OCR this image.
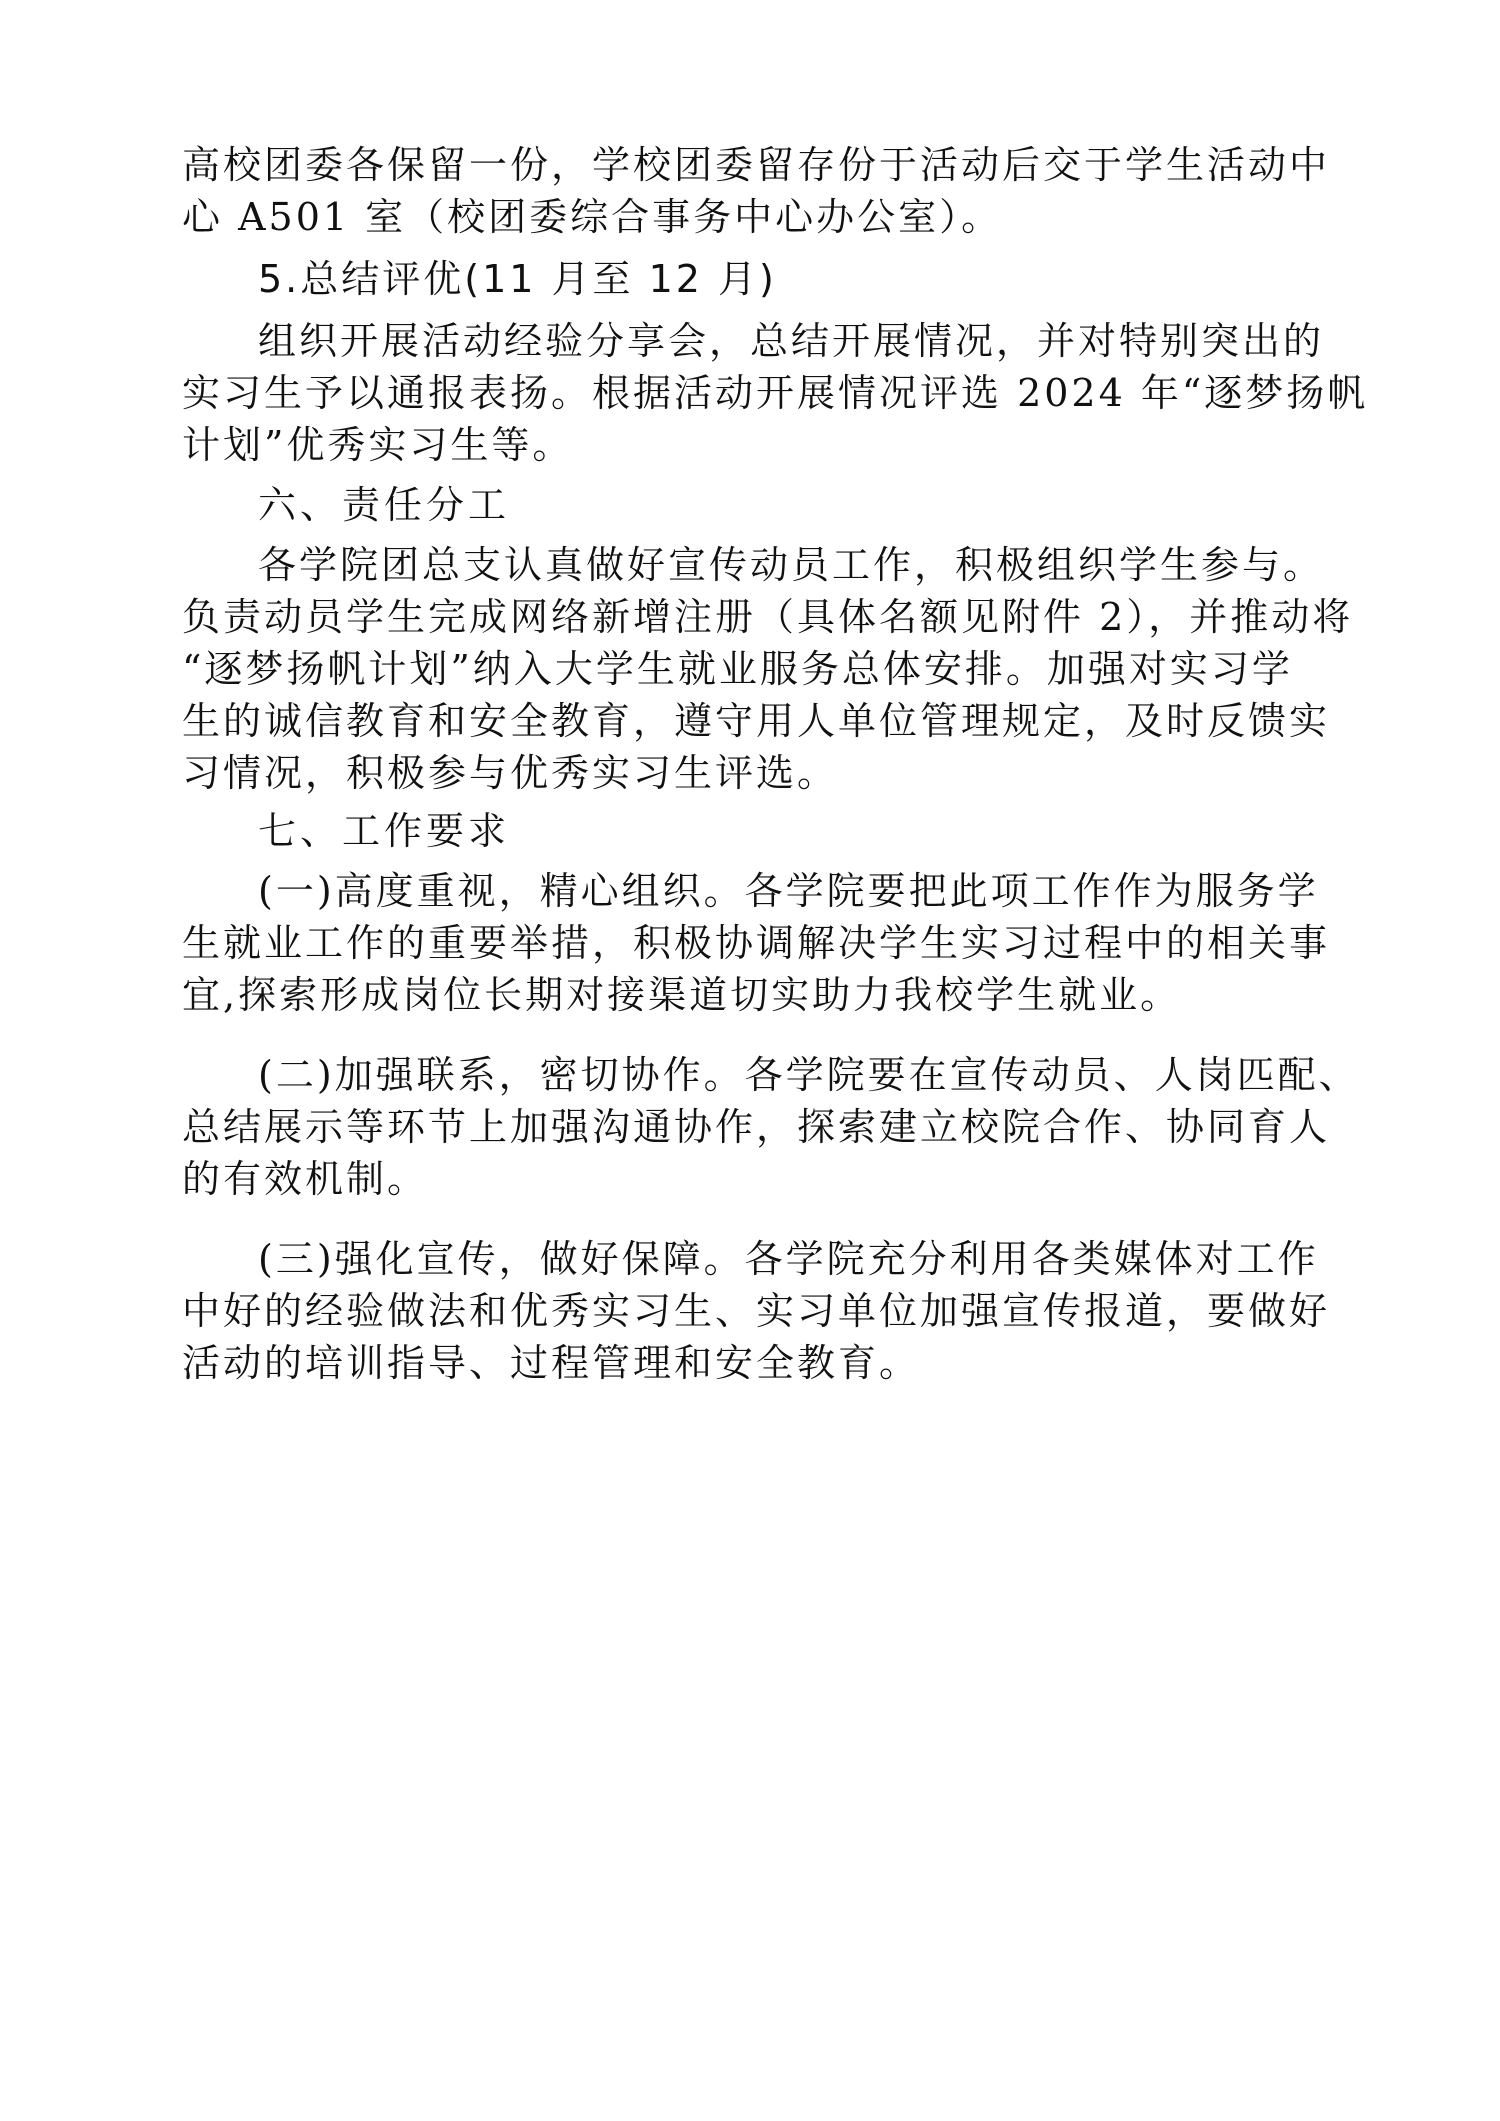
高校团委各保留一份，学校团委留存份于活动后交于学生活动中
心 A501 室（校团委综合事务中心办公室）。
5.总结评优(11 月至 12 月)
组织开展活动经验分享会，总结开展情况，并对特别突出的
实习生予以通报表扬。根据活动开展情况评选 2024 年“逐梦扬帆
计划”优秀实习生等。
六、责任分工
各学院团总支认真做好宣传动员工作，积极组织学生参与。
负责动员学生完成网络新增注册（具体名额见附件 2），并推动将
“逐梦扬帆计划”纳入大学生就业服务总体安排。加强对实习学
生的诚信教育和安全教育，遵守用人单位管理规定，及时反馈实
习情况，积极参与优秀实习生评选。
七、工作要求
(一)高度重视，精心组织。各学院要把此项工作作为服务学
生就业工作的重要举措，积极协调解决学生实习过程中的相关事
宜,探索形成岗位长期对接渠道切实助力我校学生就业。
(二)加强联系，密切协作。各学院要在宣传动员、人岗匹配、
总结展示等环节上加强沟通协作，探索建立校院合作、协同育人
的有效机制。
(三)强化宣传，做好保障。各学院充分利用各类媒体对工作
中好的经验做法和优秀实习生、实习单位加强宣传报道，要做好
活动的培训指导、过程管理和安全教育。
